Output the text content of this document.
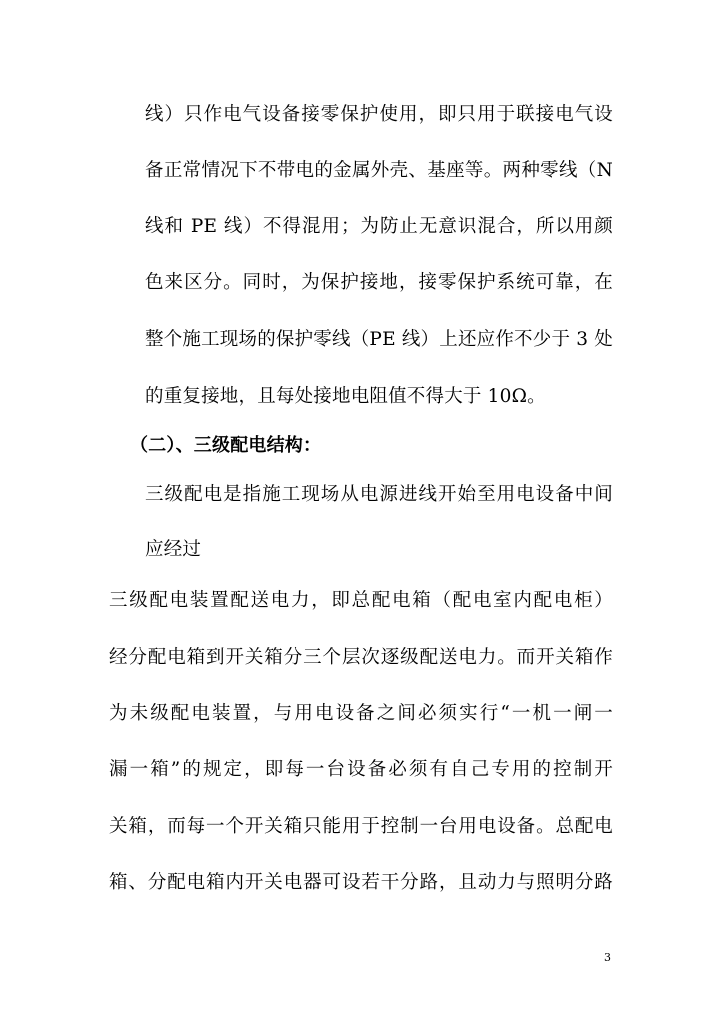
线）只作电气设备接零保护使用，即只用于联接电气设
备正常情况下不带电的金属外壳、基座等。两种零线（N
线和 PE 线）不得混用；为防止无意识混合，所以用颜
色来区分。同时，为保护接地，接零保护系统可靠，在
整个施工现场的保护零线（PE 线）上还应作不少于 3 处
的重复接地，且每处接地电阻值不得大于 10Ω。
（二）、三级配电结构：
三级配电是指施工现场从电源进线开始至用电设备中间
应经过
三级配电装置配送电力，即总配电箱（配电室内配电柜）
经分配电箱到开关箱分三个层次逐级配送电力。而开关箱作
为未级配电装置，与用电设备之间必须实行“一机一闸一
漏一箱”的规定，即每一台设备必须有自己专用的控制开
关箱，而每一个开关箱只能用于控制一台用电设备。总配电
箱、分配电箱内开关电器可设若干分路，且动力与照明分路
3
